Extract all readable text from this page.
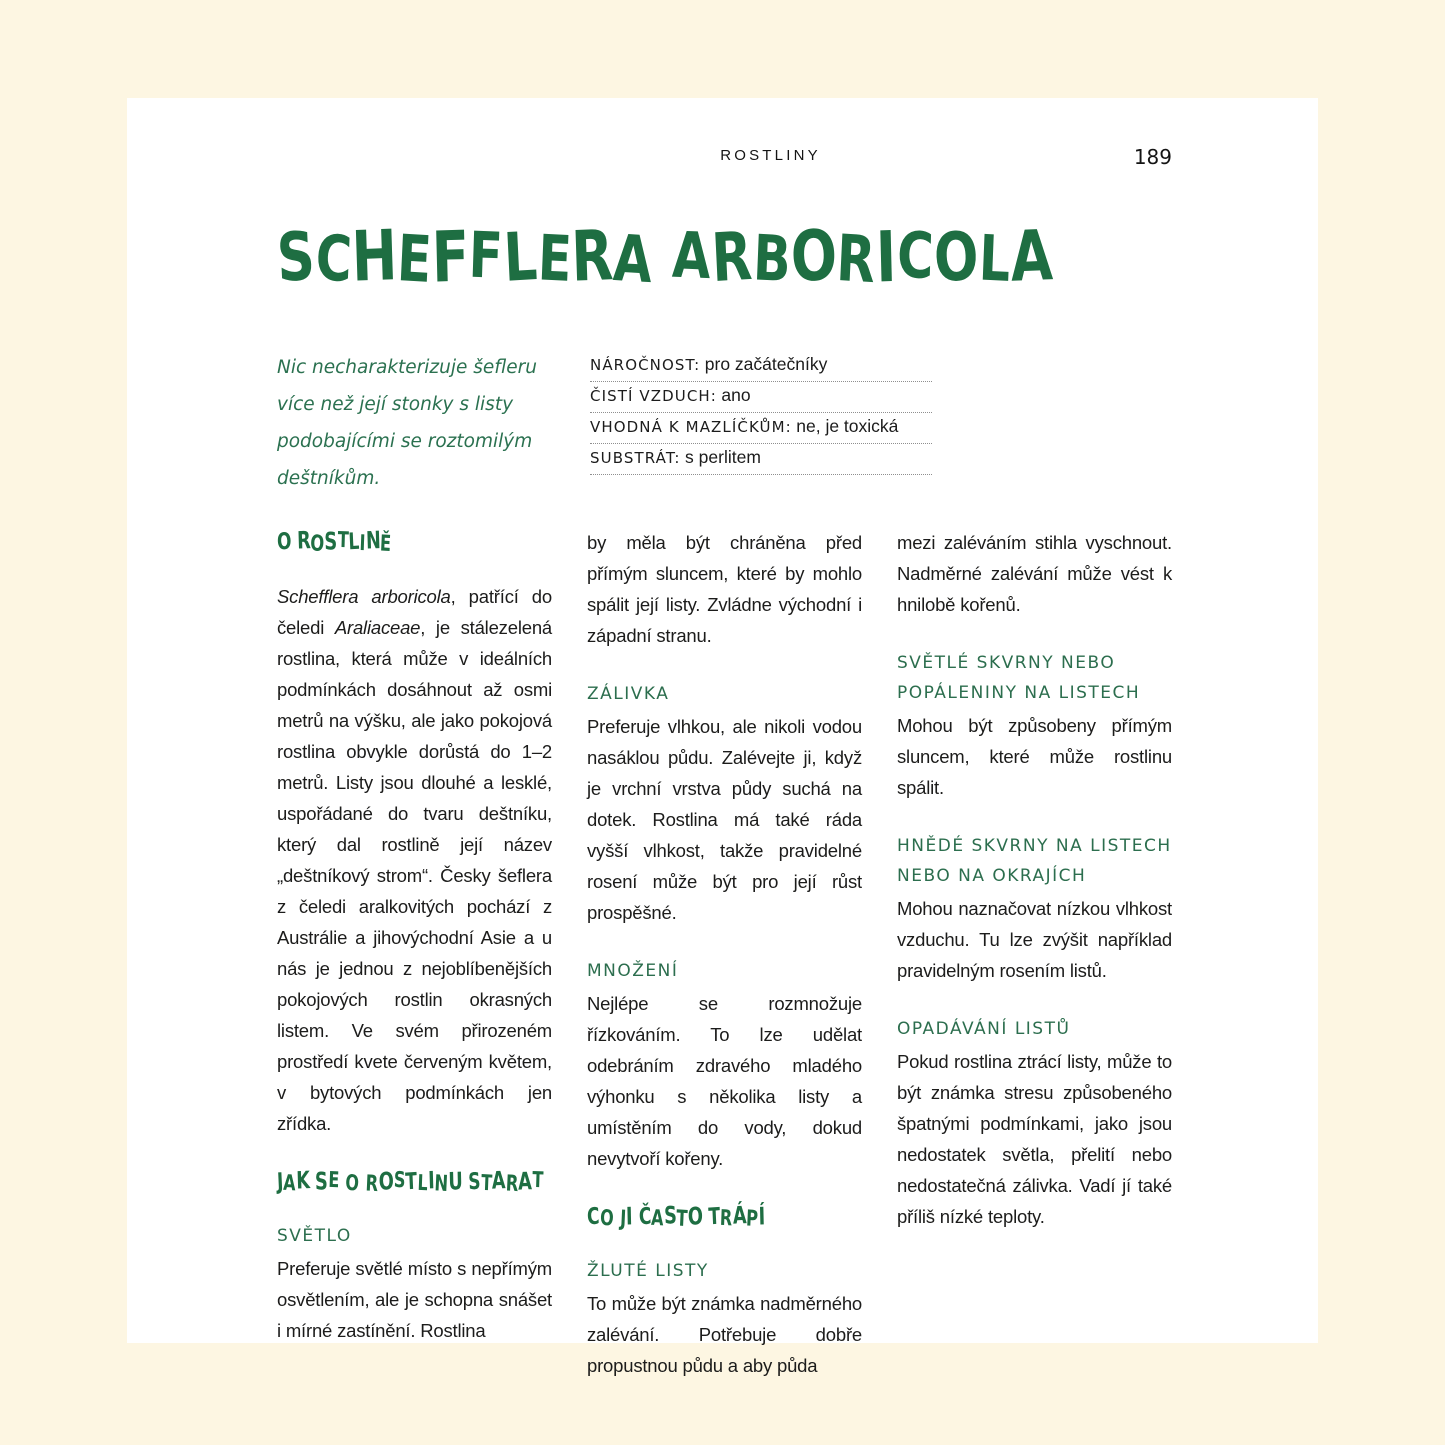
ROSTLINY	189
SCHEFFLERA ARBORICOLA
Nic necharakterizuje šefleru více než její stonky s listy podobajícími se roztomilým deštníkům.
NÁROČNOST: pro začátečníky
ČISTÍ VZDUCH: ano
VHODNÁ K MAZLÍČKŮM: ne, je toxická
SUBSTRÁT: s perlitem
O ROSTLINĚ

Schefflera arboricola, patřící do čeledi Araliaceae, je stálezelená rostlina, která může v ideálních podmínkách dosáhnout až osmi metrů na výšku, ale jako pokojová rostlina obvykle dorůstá do 1–2 metrů. Listy jsou dlouhé a lesklé, uspořádané do tvaru deštníku, který dal rostlině její název „deštníkový strom“. Česky šeflera z čeledi aralkovitých pochází z Austrálie a jihovýchodní Asie a u nás je jednou z nejoblíbenějších pokojových rostlin okrasných listem. Ve svém přirozeném prostředí kvete červeným květem, v bytových podmínkách jen zřídka.

JAK SE O ROSTLINU STARAT
SVĚTLO

Preferuje světlé místo s nepřímým osvětlením, ale je schopna snášet i mírné zastínění. Rostlina

by měla být chráněna před přímým sluncem, které by mohlo spálit její listy. Zvládne východní i západní stranu.

ZÁLIVKA

Preferuje vlhkou, ale nikoli vodou nasáklou půdu. Zalévejte ji, když je vrchní vrstva půdy suchá na dotek. Rostlina má také ráda vyšší vlhkost, takže pravidelné rosení může být pro její růst prospěšné.

MNOŽENÍ

Nejlépe se rozmnožuje řízkováním. To lze udělat odebráním zdravého mladého výhonku s několika listy a umístěním do vody, dokud nevytvoří kořeny.

CO JI ČASTO TRÁPÍ
ŽLUTÉ LISTY

To může být známka nadměrného zalévání. Potřebuje dobře propustnou půdu a aby půda

mezi zaléváním stihla vyschnout. Nadměrné zalévání může vést k hnilobě kořenů.

SVĚTLÉ SKVRNY NEBO POPÁLENINY NA LISTECH

Mohou být způsobeny přímým sluncem, které může rostlinu spálit.

HNĚDÉ SKVRNY NA LISTECH NEBO NA OKRAJÍCH

Mohou naznačovat nízkou vlhkost vzduchu. Tu lze zvýšit například pravidelným rosením listů.

OPADÁVÁNÍ LISTŮ

Pokud rostlina ztrácí listy, může to být známka stresu způsobeného špatnými podmínkami, jako jsou nedostatek světla, přelití nebo nedostatečná zálivka. Vadí jí také příliš nízké teploty.
